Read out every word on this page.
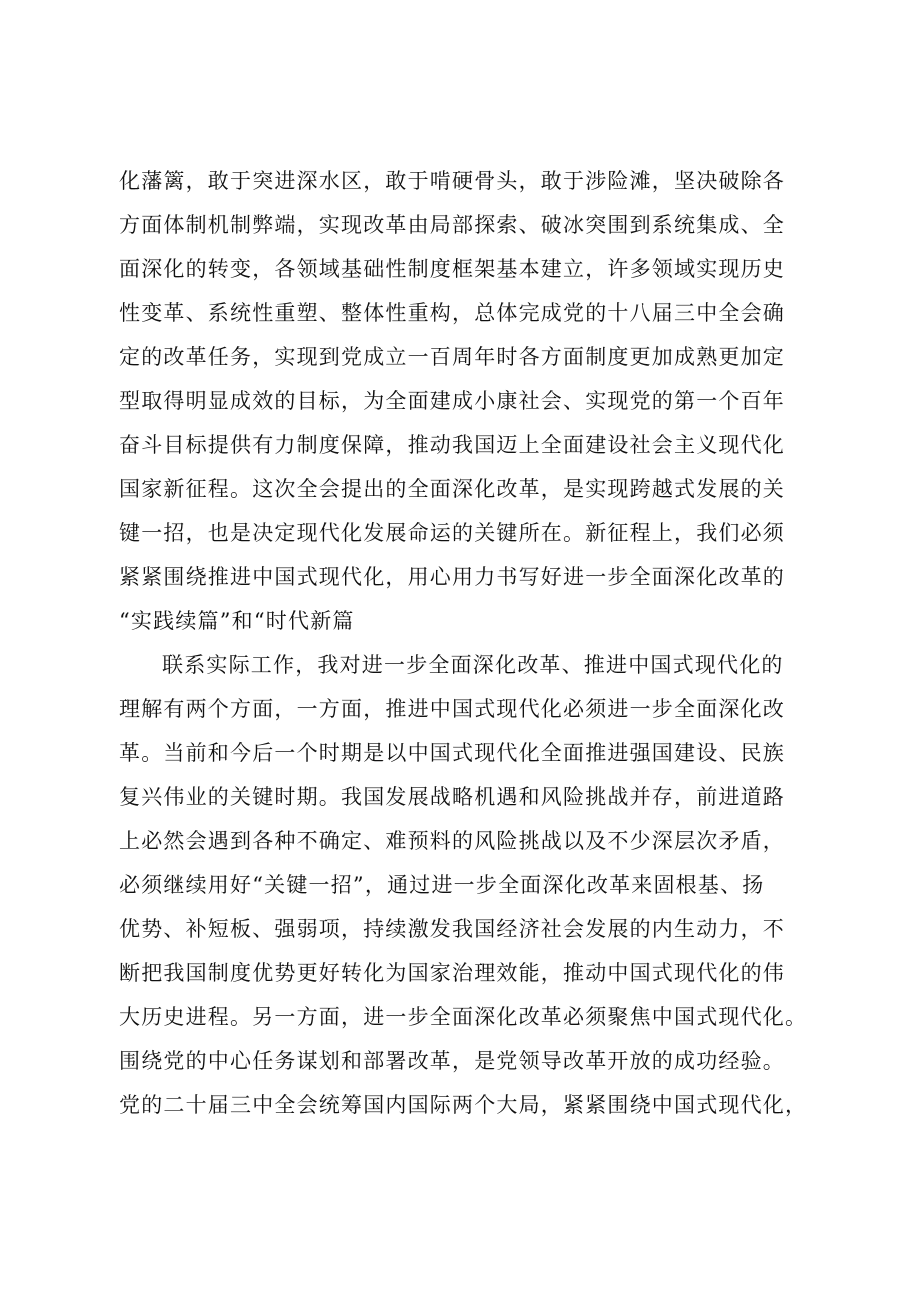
化藩篱，敢于突进深水区，敢于啃硬骨头，敢于涉险滩，坚决破除各
方面体制机制弊端，实现改革由局部探索、破冰突围到系统集成、全
面深化的转变，各领域基础性制度框架基本建立，许多领域实现历史
性变革、系统性重塑、整体性重构，总体完成党的十八届三中全会确
定的改革任务，实现到党成立一百周年时各方面制度更加成熟更加定
型取得明显成效的目标，为全面建成小康社会、实现党的第一个百年
奋斗目标提供有力制度保障，推动我国迈上全面建设社会主义现代化
国家新征程。这次全会提出的全面深化改革，是实现跨越式发展的关
键一招，也是决定现代化发展命运的关键所在。新征程上，我们必须
紧紧围绕推进中国式现代化，用心用力书写好进一步全面深化改革的
“实践续篇”和“时代新篇
联系实际工作，我对进一步全面深化改革、推进中国式现代化的
理解有两个方面，一方面，推进中国式现代化必须进一步全面深化改
革。当前和今后一个时期是以中国式现代化全面推进强国建设、民族
复兴伟业的关键时期。我国发展战略机遇和风险挑战并存，前进道路
上必然会遇到各种不确定、难预料的风险挑战以及不少深层次矛盾，
必须继续用好“关键一招”，通过进一步全面深化改革来固根基、扬
优势、补短板、强弱项，持续激发我国经济社会发展的内生动力，不
断把我国制度优势更好转化为国家治理效能，推动中国式现代化的伟
大历史进程。另一方面，进一步全面深化改革必须聚焦中国式现代化。
围绕党的中心任务谋划和部署改革，是党领导改革开放的成功经验。
党的二十届三中全会统筹国内国际两个大局，紧紧围绕中国式现代化，
